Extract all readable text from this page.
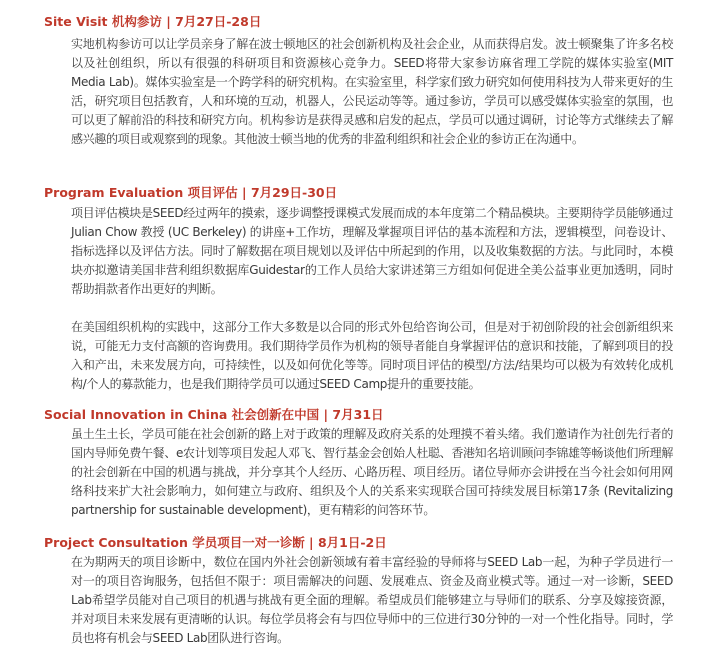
Site Visit 机构参访 | 7月27日-28日

实地机构参访可以让学员亲身了解在波士顿地区的社会创新机构及社会企业，从而获得启发。波士顿聚集了许多名校以及社创组织，所以有很强的科研项目和资源核心竞争力。SEED将带大家参访麻省理工学院的媒体实验室(MIT Media Lab)。媒体实验室是一个跨学科的研究机构。在实验室里，科学家们致力研究如何使用科技为人带来更好的生活，研究项目包括教育，人和环境的互动，机器人，公民运动等等。通过参访，学员可以感受媒体实验室的氛围，也可以更了解前沿的科技和研究方向。机构参访是获得灵感和启发的起点，学员可以通过调研，讨论等方式继续去了解感兴趣的项目或观察到的现象。其他波士顿当地的优秀的非盈利组织和社会企业的参访正在沟通中。

Program Evaluation 项目评估 | 7月29日-30日

项目评估模块是SEED经过两年的摸索，逐步调整授课模式发展而成的本年度第二个精品模块。主要期待学员能够通过Julian Chow 教授 (UC Berkeley) 的讲座+工作坊，理解及掌握项目评估的基本流程和方法，逻辑模型，问卷设计、指标选择以及评估方法。同时了解数据在项目规划以及评估中所起到的作用，以及收集数据的方法。与此同时，本模块亦拟邀请美国非营利组织数据库Guidestar的工作人员给大家讲述第三方组如何促进全美公益事业更加透明，同时帮助捐款者作出更好的判断。

在美国组织机构的实践中，这部分工作大多数是以合同的形式外包给咨询公司，但是对于初创阶段的社会创新组织来说，可能无力支付高额的咨询费用。我们期待学员作为机构的领导者能自身掌握评估的意识和技能，了解到项目的投入和产出，未来发展方向，可持续性，以及如何优化等等。同时项目评估的模型/方法/结果均可以极为有效转化成机构/个人的募款能力，也是我们期待学员可以通过SEED Camp提升的重要技能。

Social Innovation in China 社会创新在中国 | 7月31日

虽土生土长，学员可能在社会创新的路上对于政策的理解及政府关系的处理摸不着头绪。我们邀请作为社创先行者的国内导师免费午餐、e农计划等项目发起人邓飞、智行基金会创始人杜聪、香港知名培训顾问李锦雄等畅谈他们所理解的社会创新在中国的机遇与挑战，并分享其个人经历、心路历程、项目经历。诸位导师亦会讲授在当今社会如何用网络科技来扩大社会影响力，如何建立与政府、组织及个人的关系来实现联合国可持续发展目标第17条 (Revitalizing partnership for sustainable development)，更有精彩的问答环节。

Project Consultation 学员项目一对一诊断 | 8月1日-2日

在为期两天的项目诊断中，数位在国内外社会创新领域有着丰富经验的导师将与SEED Lab一起，为种子学员进行一对一的项目咨询服务，包括但不限于：项目需解决的问题、发展难点、资金及商业模式等。通过一对一诊断，SEED Lab希望学员能对自己项目的机遇与挑战有更全面的理解。希望成员们能够建立与导师们的联系、分享及嫁接资源，并对项目未来发展有更清晰的认识。每位学员将会有与四位导师中的三位进行30分钟的一对一个性化指导。同时，学员也将有机会与SEED Lab团队进行咨询。
